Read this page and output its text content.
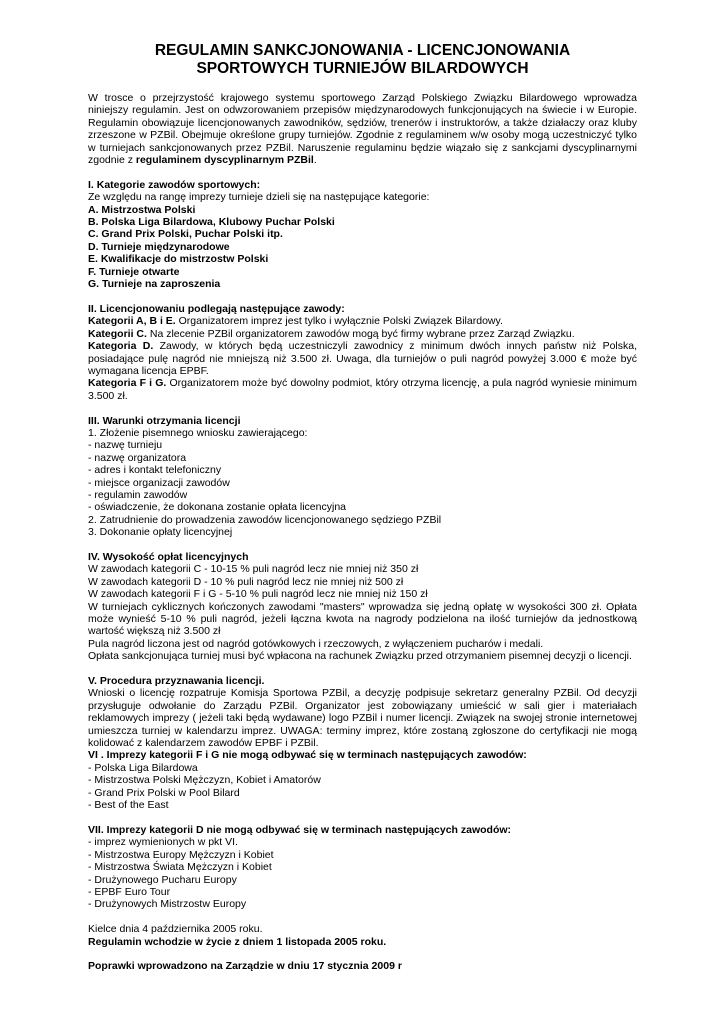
REGULAMIN SANKCJONOWANIA - LICENCJONOWANIA
SPORTOWYCH TURNIEJÓW BILARDOWYCH

W trosce o przejrzystość krajowego systemu sportowego Zarząd Polskiego Związku Bilardowego wprowadza niniejszy regulamin. Jest on odwzorowaniem przepisów międzynarodowych funkcjonujących na świecie i w Europie. Regulamin obowiązuje licencjonowanych zawodników, sędziów, trenerów i instruktorów, a także działaczy oraz kluby zrzeszone w PZBil. Obejmuje określone grupy turniejów. Zgodnie z regulaminem w/w osoby mogą uczestniczyć tylko w turniejach sankcjonowanych przez PZBil. Naruszenie regulaminu będzie wiązało się z sankcjami dyscyplinarnymi zgodnie z regulaminem dyscyplinarnym PZBil.

I. Kategorie zawodów sportowych:

Ze względu na rangę imprezy turnieje dzieli się na następujące kategorie:

A. Mistrzostwa Polski

B. Polska Liga Bilardowa, Klubowy Puchar Polski

C. Grand Prix Polski, Puchar Polski itp.

D. Turnieje międzynarodowe

E. Kwalifikacje do mistrzostw Polski

F. Turnieje otwarte

G. Turnieje na zaproszenia

II. Licencjonowaniu podlegają następujące zawody:

Kategorii A, B i E. Organizatorem imprez jest tylko i wyłącznie Polski Związek Bilardowy.

Kategorii C. Na zlecenie PZBil organizatorem zawodów mogą być firmy wybrane przez Zarząd Związku.

Kategoria D. Zawody, w których będą uczestniczyli zawodnicy z minimum dwóch innych państw niż Polska, posiadające pulę nagród nie mniejszą niż 3.500 zł. Uwaga, dla turniejów o puli nagród powyżej 3.000 € może być wymagana licencja EPBF.

Kategoria F i G. Organizatorem może być dowolny podmiot, który otrzyma licencję, a pula nagród wyniesie minimum 3.500 zł.

III. Warunki otrzymania licencji

1. Złożenie pisemnego wniosku zawierającego:

- nazwę turnieju

- nazwę organizatora

- adres i kontakt telefoniczny

- miejsce organizacji zawodów

- regulamin zawodów

- oświadczenie, że dokonana zostanie opłata licencyjna

2. Zatrudnienie do prowadzenia zawodów licencjonowanego sędziego PZBil

3. Dokonanie opłaty licencyjnej

IV. Wysokość opłat licencyjnych

W zawodach kategorii C - 10-15 % puli nagród lecz nie mniej niż 350 zł

W zawodach kategorii D - 10 % puli nagród lecz nie mniej niż 500 zł

W zawodach kategorii F i G - 5-10 % puli nagród lecz nie mniej niż 150 zł

W turniejach cyklicznych kończonych zawodami "masters" wprowadza się jedną opłatę w wysokości 300 zł. Opłata może wynieść 5-10 % puli nagród, jeżeli łączna kwota na nagrody podzielona na ilość turniejów da jednostkową wartość większą niż 3.500 zł

Pula nagród liczona jest od nagród gotówkowych i rzeczowych, z wyłączeniem pucharów i medali.

Opłata sankcjonująca turniej musi być wpłacona na rachunek Związku przed otrzymaniem pisemnej decyzji o licencji.

V. Procedura przyznawania licencji.

Wnioski o licencję rozpatruje Komisja Sportowa PZBil, a decyzję podpisuje sekretarz generalny PZBil. Od decyzji przysługuje odwołanie do Zarządu PZBil. Organizator jest zobowiązany umieścić w sali gier i materiałach reklamowych imprezy ( jeżeli taki będą wydawane) logo PZBil i numer licencji. Związek na swojej stronie internetowej umieszcza turniej w kalendarzu imprez. UWAGA: terminy imprez, które zostaną zgłoszone do certyfikacji nie mogą kolidować z kalendarzem zawodów EPBF i PZBil.

VI . Imprezy kategorii F i G nie mogą odbywać się w terminach następujących zawodów:

- Polska Liga Bilardowa

- Mistrzostwa Polski Mężczyzn, Kobiet i Amatorów

- Grand Prix Polski w Pool Bilard

- Best of the East

VII. Imprezy kategorii D nie mogą odbywać się w terminach następujących zawodów:

- imprez wymienionych w pkt VI.

- Mistrzostwa Europy Mężczyzn i Kobiet

- Mistrzostwa Świata Mężczyzn i Kobiet

- Drużynowego Pucharu Europy

- EPBF Euro Tour

- Drużynowych Mistrzostw Europy

Kielce dnia 4 października 2005 roku.

Regulamin wchodzie w życie z dniem 1 listopada 2005 roku.

Poprawki wprowadzono na Zarządzie w dniu 17 stycznia 2009 r
